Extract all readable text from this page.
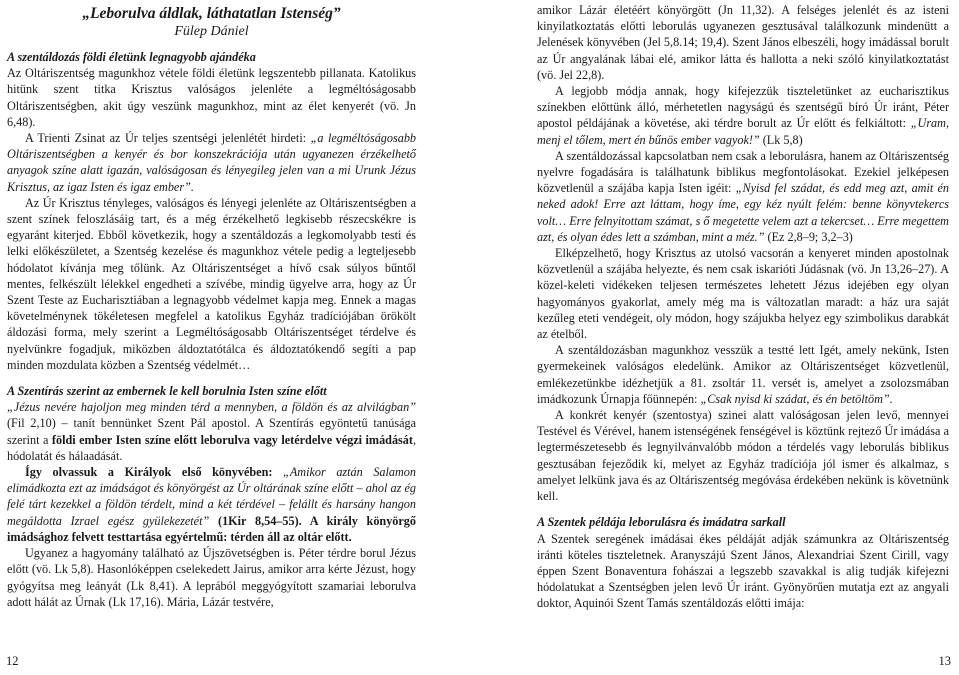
„Leborulva áldlak, láthatatlan Istenség”

Fülep Dániel

A szentáldozás földi életünk legnagyobb ajándéka

Az Oltáriszentség magunkhoz vétele földi életünk legszentebb pillanata. Katolikus hitünk szent titka Krisztus valóságos jelenléte a legméltóságosabb Oltáriszentségben, akit úgy veszünk magunkhoz, mint az élet kenyerét (vö. Jn 6,48).

A Trienti Zsinat az Úr teljes szentségi jelenlétét hirdeti: „a legméltóságosabb Oltáriszentségben a kenyér és bor konszekrációja után ugyanezen érzékelhető anyagok színe alatt igazán, valóságosan és lényegileg jelen van a mi Urunk Jézus Krisztus, az igaz Isten és igaz ember”.

Az Úr Krisztus tényleges, valóságos és lényegi jelenléte az Oltáriszentségben a szent színek feloszlásáig tart, és a még érzékelhető legkisebb részecskékre is egyaránt kiterjed. Ebből következik, hogy a szentáldozás a legkomolyabb testi és lelki előkészületet, a Szentség kezelése és magunkhoz vétele pedig a legteljesebb hódolatot kívánja meg tőlünk. Az Oltáriszentséget a hívő csak súlyos bűntől mentes, felkészült lélekkel engedheti a szívébe, mindig ügyelve arra, hogy az Úr Szent Teste az Eucharisztiában a legnagyobb védelmet kapja meg. Ennek a magas követelménynek tökéletesen megfelel a katolikus Egyház tradíciójában örökölt áldozási forma, mely szerint a Legméltóságosabb Oltáriszentséget térdelve és nyelvünkre fogadjuk, miközben áldoztatótálca és áldoztatókendő segíti a pap minden mozdulata közben a Szentség védelmét…

A Szentírás szerint az embernek le kell borulnia Isten színe előtt

„Jézus nevére hajoljon meg minden térd a mennyben, a földön és az alvilágban” (Fil 2,10) – tanít bennünket Szent Pál apostol. A Szentírás egyöntetű tanúsága szerint a földi ember Isten színe előtt leborulva vagy letérdelve végzi imádását, hódolatát és hálaadását.

Így olvassuk a Királyok első könyvében: „Amikor aztán Salamon elimádkozta ezt az imádságot és könyörgést az Úr oltárának színe előtt – ahol az ég felé tárt kezekkel a földön térdelt, mind a két térdével – felállt és harsány hangon megáldotta Izrael egész gyülekezetét” (1Kir 8,54–55). A király könyörgő imádsághoz felvett testtartása egyértelmű: térden áll az oltár előtt.

Ugyanez a hagyomány található az Újszövetségben is. Péter térdre borul Jézus előtt (vö. Lk 5,8). Hasonlóképpen cselekedett Jairus, amikor arra kérte Jézust, hogy gyógyítsa meg leányát (Lk 8,41). A leprából meggyógyított szamariai leborulva adott hálát az Úrnak (Lk 17,16). Mária, Lázár testvére,

12

amikor Lázár életéért könyörgött (Jn 11,32). A felséges jelenlét és az isteni kinyilatkoztatás előtti leborulás ugyanezen gesztusával találkozunk mindenütt a Jelenések könyvében (Jel 5,8.14; 19,4). Szent János elbeszéli, hogy imádással borult az Úr angyalának lábai elé, amikor látta és hallotta a neki szóló kinyilatkoztatást (vö. Jel 22,8).

A legjobb módja annak, hogy kifejezzük tiszteletünket az eucharisztikus színekben előttünk álló, mérhetetlen nagyságú és szentségű bíró Úr iránt, Péter apostol példájának a követése, aki térdre borult az Úr előtt és felkiáltott: „Uram, menj el tőlem, mert én bűnös ember vagyok!” (Lk 5,8)

A szentáldozással kapcsolatban nem csak a leborulásra, hanem az Oltáriszentség nyelvre fogadására is találhatunk biblikus megfontolásokat. Ezekiel jelképesen közvetlenül a szájába kapja Isten igéit: „Nyisd fel szádat, és edd meg azt, amit én neked adok! Erre azt láttam, hogy íme, egy kéz nyúlt felém: benne könyvtekercs volt… Erre felnyitottam számat, s ő megetette velem azt a tekercset… Erre megettem azt, és olyan édes lett a számban, mint a méz.” (Ez 2,8–9; 3,2–3)

Elképzelhető, hogy Krisztus az utolsó vacsorán a kenyeret minden apostolnak közvetlenül a szájába helyezte, és nem csak iskarióti Júdásnak (vö. Jn 13,26–27). A közel-keleti vidékeken teljesen természetes lehetett Jézus idejében egy olyan hagyományos gyakorlat, amely még ma is változatlan maradt: a ház ura saját kezűleg eteti vendégeit, oly módon, hogy szájukba helyez egy szimbolikus darabkát az ételből.

A szentáldozásban magunkhoz vesszük a testté lett Igét, amely nekünk, Isten gyermekeinek valóságos eledelünk. Amikor az Oltáriszentséget közvetlenül, emlékezetünkbe idézhetjük a 81. zsoltár 11. versét is, amelyet a zsolozsmában imádkozunk Úrnapja főünnepén: „Csak nyisd ki szádat, és én betöltöm”.

A konkrét kenyér (szentostya) szinei alatt valóságosan jelen levő, mennyei Testével és Vérével, hanem istenségének fenségével is köztünk rejtező Úr imádása a legtermészetesebb és legnyilvánvalóbb módon a térdelés vagy leborulás biblikus gesztusában fejeződik ki, melyet az Egyház tradíciója jól ismer és alkalmaz, s amelyet lelkünk java és az Oltáriszentség megóvása érdekében nekünk is követnünk kell.

A Szentek példája leborulásra és imádatra sarkall

A Szentek seregének imádásai ékes példáját adják számunkra az Oltáriszentség iránti köteles tiszteletnek. Aranyszájú Szent János, Alexandriai Szent Cirill, vagy éppen Szent Bonaventura fohászai a legszebb szavakkal is alig tudják kifejezni hódolatukat a Szentségben jelen levő Úr iránt. Gyönyörűen mutatja ezt az angyali doktor, Aquinói Szent Tamás szentáldozás előtti imája:

13
